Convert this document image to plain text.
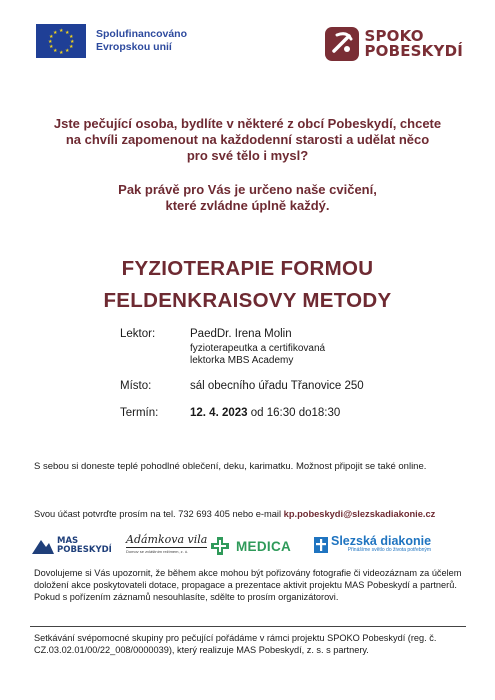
★ ★
★
★
★
★
★
★
★
★
★
★	Spolufinancováno
Evropskou unií
SPOKO
POBESKYDÍ
Jste pečující osoba, bydlíte v některé z obcí Pobeskydí, chcete
na chvíli zapomenout na každodenní starosti a udělat něco
pro své tělo i mysl?
Pak právě pro Vás je určeno naše cvičení,
které zvládne úplně každý.
FYZIOTERAPIE FORMOU
FELDENKRAISOVY METODY
Lektor:	PaedDr. Irena Molin
fyzioterapeutka a certifikovaná
lektorka MBS Academy
Místo:	sál obecního úřadu Třanovice 250
Termín:	12. 4. 2023 od 16:30 do18:30
S sebou si doneste teplé pohodlné oblečení, deku, karimatku. Možnost připojit se také online.
Svou účast potvrďte prosím na tel. 732 693 405 nebo e-mail kp.pobeskydi@slezskadiakonie.cz
MAS
POBESKYDÍ
Adámkova vila
Domov se zvláštním režimem, z. ú.	MEDICA	Slezská diakonie
Přinášíme světlo do života potřebným
Dovolujeme si Vás upozornit, že během akce mohou být pořizovány fotografie či videozáznam za účelem doložení akce poskytovateli dotace, propagace a prezentace aktivit projektu MAS Pobeskydí a partnerů. Pokud s pořízením záznamů nesouhlasíte, sdělte to prosím organizátorovi.
Setkávání svépomocné skupiny pro pečující pořádáme v rámci projektu SPOKO Pobeskydí (reg. č. CZ.03.02.01/00/22_008/0000039), který realizuje MAS Pobeskydí, z. s. s partnery.
